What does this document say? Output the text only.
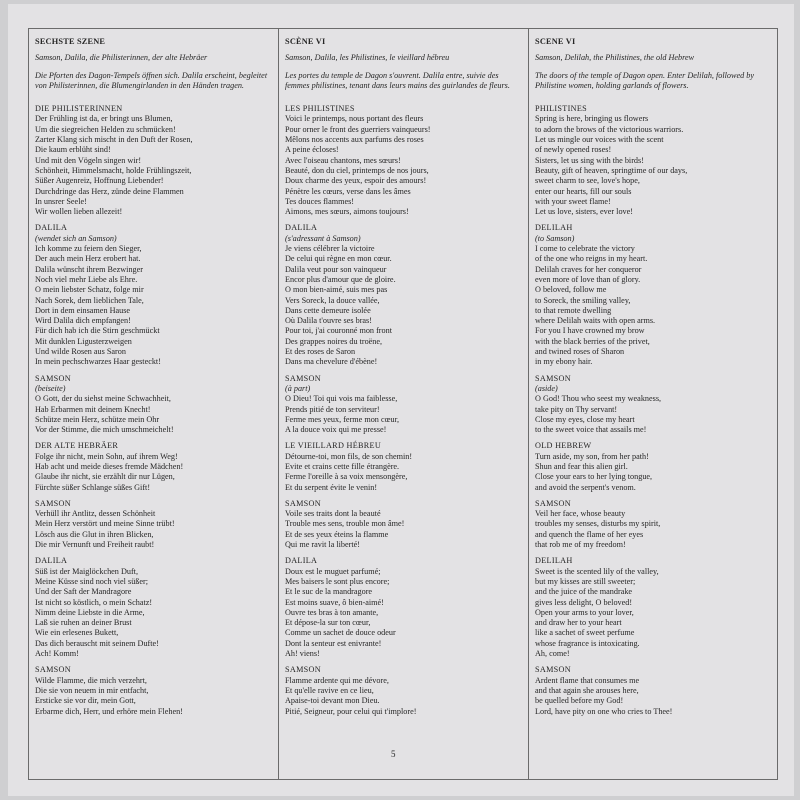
SECHSTE SZENE
Samson, Dalila, die Philisterinnen, der alte Hebräer
Die Pforten des Dagon-Tempels öffnen sich. Dalila erscheint, begleitet von Philisterinnen, die Blumengirlanden in den Händen tragen.
DIE PHILISTERINNEN
Der Frühling ist da, er bringt uns Blumen,
Um die siegreichen Helden zu schmücken!
Zarter Klang sich mischt in den Duft der Rosen,
Die kaum erblüht sind!
Und mit den Vögeln singen wir!
Schönheit, Himmelsmacht, holde Frühlingszeit,
Süßer Augenreiz, Hoffnung Liebender!
Durchdringe das Herz, zünde deine Flammen
In unsrer Seele!
Wir wollen lieben allezeit!
DALILA
(wendet sich an Samson)
Ich komme zu feiern den Sieger,
Der auch mein Herz erobert hat.
Dalila wünscht ihrem Bezwinger
Noch viel mehr Liebe als Ehre.
O mein liebster Schatz, folge mir
Nach Sorek, dem lieblichen Tale,
Dort in dem einsamen Hause
Wird Dalila dich empfangen!
Für dich hab ich die Stirn geschmückt
Mit dunklen Ligusterzweigen
Und wilde Rosen aus Saron
In mein pechschwarzes Haar gesteckt!
SAMSON
(beiseite)
O Gott, der du siehst meine Schwachheit,
Hab Erbarmen mit deinem Knecht!
Schütze mein Herz, schütze mein Ohr
Vor der Stimme, die mich umschmeichelt!
DER ALTE HEBRÄER
Folge ihr nicht, mein Sohn, auf ihrem Weg!
Hab acht und meide dieses fremde Mädchen!
Glaube ihr nicht, sie erzählt dir nur Lügen,
Fürchte süßer Schlange süßes Gift!
SAMSON
Verhüll ihr Antlitz, dessen Schönheit
Mein Herz verstört und meine Sinne trübt!
Lösch aus die Glut in ihren Blicken,
Die mir Vernunft und Freiheit raubt!
DALILA
Süß ist der Maiglöckchen Duft,
Meine Küsse sind noch viel süßer;
Und der Saft der Mandragore
Ist nicht so köstlich, o mein Schatz!
Nimm deine Liebste in die Arme,
Laß sie ruhen an deiner Brust
Wie ein erlesenes Bukett,
Das dich berauscht mit seinem Dufte!
Ach! Komm!
SAMSON
Wilde Flamme, die mich verzehrt,
Die sie von neuem in mir entfacht,
Ersticke sie vor dir, mein Gott,
Erbarme dich, Herr, und erhöre mein Flehen!
SCÈNE VI
Samson, Dalila, les Philistines, le vieillard hébreu
Les portes du temple de Dagon s'ouvrent. Dalila entre, suivie des femmes philistines, tenant dans leurs mains des guirlandes de fleurs.
LES PHILISTINES
Voici le printemps, nous portant des fleurs
Pour orner le front des guerriers vainqueurs!
Mêlons nos accents aux parfums des roses
A peine écloses!
Avec l'oiseau chantons, mes sœurs!
Beauté, don du ciel, printemps de nos jours,
Doux charme des yeux, espoir des amours!
Pénètre les cœurs, verse dans les âmes
Tes douces flammes!
Aimons, mes sœurs, aimons toujours!
DALILA
(s'adressant à Samson)
Je viens célébrer la victoire
De celui qui règne en mon cœur.
Dalila veut pour son vainqueur
Encor plus d'amour que de gloire.
O mon bien-aimé, suis mes pas
Vers Soreck, la douce vallée,
Dans cette demeure isolée
Où Dalila t'ouvre ses bras!
Pour toi, j'ai couronné mon front
Des grappes noires du troëne,
Et des roses de Saron
Dans ma chevelure d'ébène!
SAMSON
(à part)
O Dieu! Toi qui vois ma faiblesse,
Prends pitié de ton serviteur!
Ferme mes yeux, ferme mon cœur,
A la douce voix qui me presse!
LE VIEILLARD HÉBREU
Détourne-toi, mon fils, de son chemin!
Evite et crains cette fille étrangère.
Ferme l'oreille à sa voix mensongère,
Et du serpent évite le venin!
SAMSON
Voile ses traits dont la beauté
Trouble mes sens, trouble mon âme!
Et de ses yeux éteins la flamme
Qui me ravit la liberté!
DALILA
Doux est le muguet parfumé;
Mes baisers le sont plus encore;
Et le suc de la mandragore
Est moins suave, ô bien-aimé!
Ouvre tes bras à ton amante,
Et dépose-la sur ton cœur,
Comme un sachet de douce odeur
Dont la senteur est enivrante!
Ah! viens!
SAMSON
Flamme ardente qui me dévore,
Et qu'elle ravive en ce lieu,
Apaise-toi devant mon Dieu.
Pitié, Seigneur, pour celui qui t'implore!
SCENE VI
Samson, Delilah, the Philistines, the old Hebrew
The doors of the temple of Dagon open. Enter Delilah, followed by Philistine women, holding garlands of flowers.
PHILISTINES
Spring is here, bringing us flowers
to adorn the brows of the victorious warriors.
Let us mingle our voices with the scent
of newly opened roses!
Sisters, let us sing with the birds!
Beauty, gift of heaven, springtime of our days,
sweet charm to see, love's hope,
enter our hearts, fill our souls
with your sweet flame!
Let us love, sisters, ever love!
DELILAH
(to Samson)
I come to celebrate the victory
of the one who reigns in my heart.
Delilah craves for her conqueror
even more of love than of glory.
O beloved, follow me
to Soreck, the smiling valley,
to that remote dwelling
where Delilah waits with open arms.
For you I have crowned my brow
with the black berries of the privet,
and twined roses of Sharon
in my ebony hair.
SAMSON
(aside)
O God! Thou who seest my weakness,
take pity on Thy servant!
Close my eyes, close my heart
to the sweet voice that assails me!
OLD HEBREW
Turn aside, my son, from her path!
Shun and fear this alien girl.
Close your ears to her lying tongue,
and avoid the serpent's venom.
SAMSON
Veil her face, whose beauty
troubles my senses, disturbs my spirit,
and quench the flame of her eyes
that rob me of my freedom!
DELILAH
Sweet is the scented lily of the valley,
but my kisses are still sweeter;
and the juice of the mandrake
gives less delight, O beloved!
Open your arms to your lover,
and draw her to your heart
like a sachet of sweet perfume
whose fragrance is intoxicating.
Ah, come!
SAMSON
Ardent flame that consumes me
and that again she arouses here,
be quelled before my God!
Lord, have pity on one who cries to Thee!
5
